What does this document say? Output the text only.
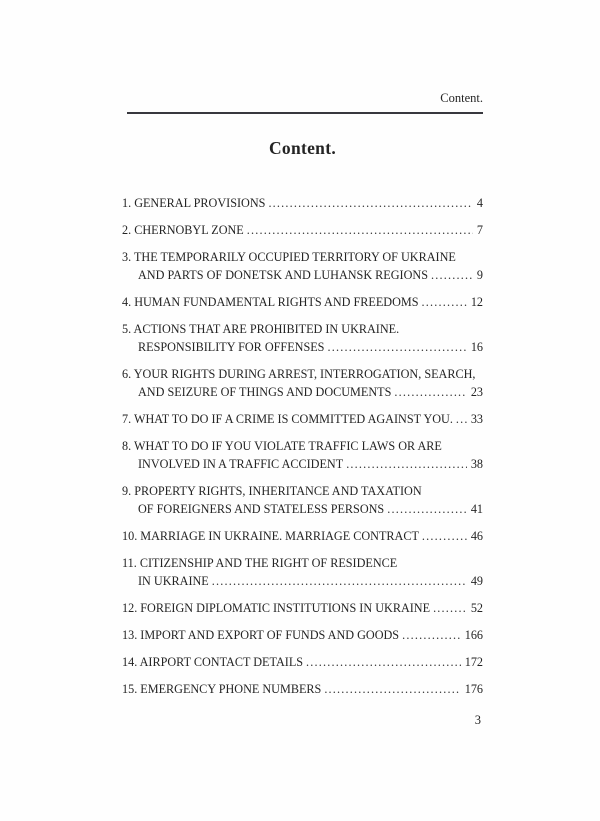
Content.
Content.
1. GENERAL PROVISIONS .....	4
2. CHERNOBYL ZONE .....	7
3. THE TEMPORARILY OCCUPIED TERRITORY OF UKRAINE
AND PARTS OF DONETSK AND LUHANSK REGIONS .....	9
4. HUMAN FUNDAMENTAL RIGHTS AND FREEDOMS .....	12
5. ACTIONS THAT ARE PROHIBITED IN UKRAINE.
RESPONSIBILITY FOR OFFENSES .....	16
6. YOUR RIGHTS DURING ARREST, INTERROGATION, SEARCH,
AND SEIZURE OF THINGS AND DOCUMENTS .....	23
7. WHAT TO DO IF A CRIME IS COMMITTED AGAINST YOU. ..... 33
8. WHAT TO DO IF YOU VIOLATE TRAFFIC LAWS OR ARE
INVOLVED IN A TRAFFIC ACCIDENT .....	38
9. PROPERTY RIGHTS, INHERITANCE AND TAXATION
OF FOREIGNERS AND STATELESS PERSONS .....	41
10. MARRIAGE IN UKRAINE. MARRIAGE CONTRACT .....	46
11. CITIZENSHIP AND THE RIGHT OF RESIDENCE
IN UKRAINE .....	49
12. FOREIGN DIPLOMATIC INSTITUTIONS IN UKRAINE .....	52
13. IMPORT AND EXPORT OF FUNDS AND GOODS .....	166
14. AIRPORT CONTACT DETAILS .....	172
15. EMERGENCY PHONE NUMBERS .....	176
3
